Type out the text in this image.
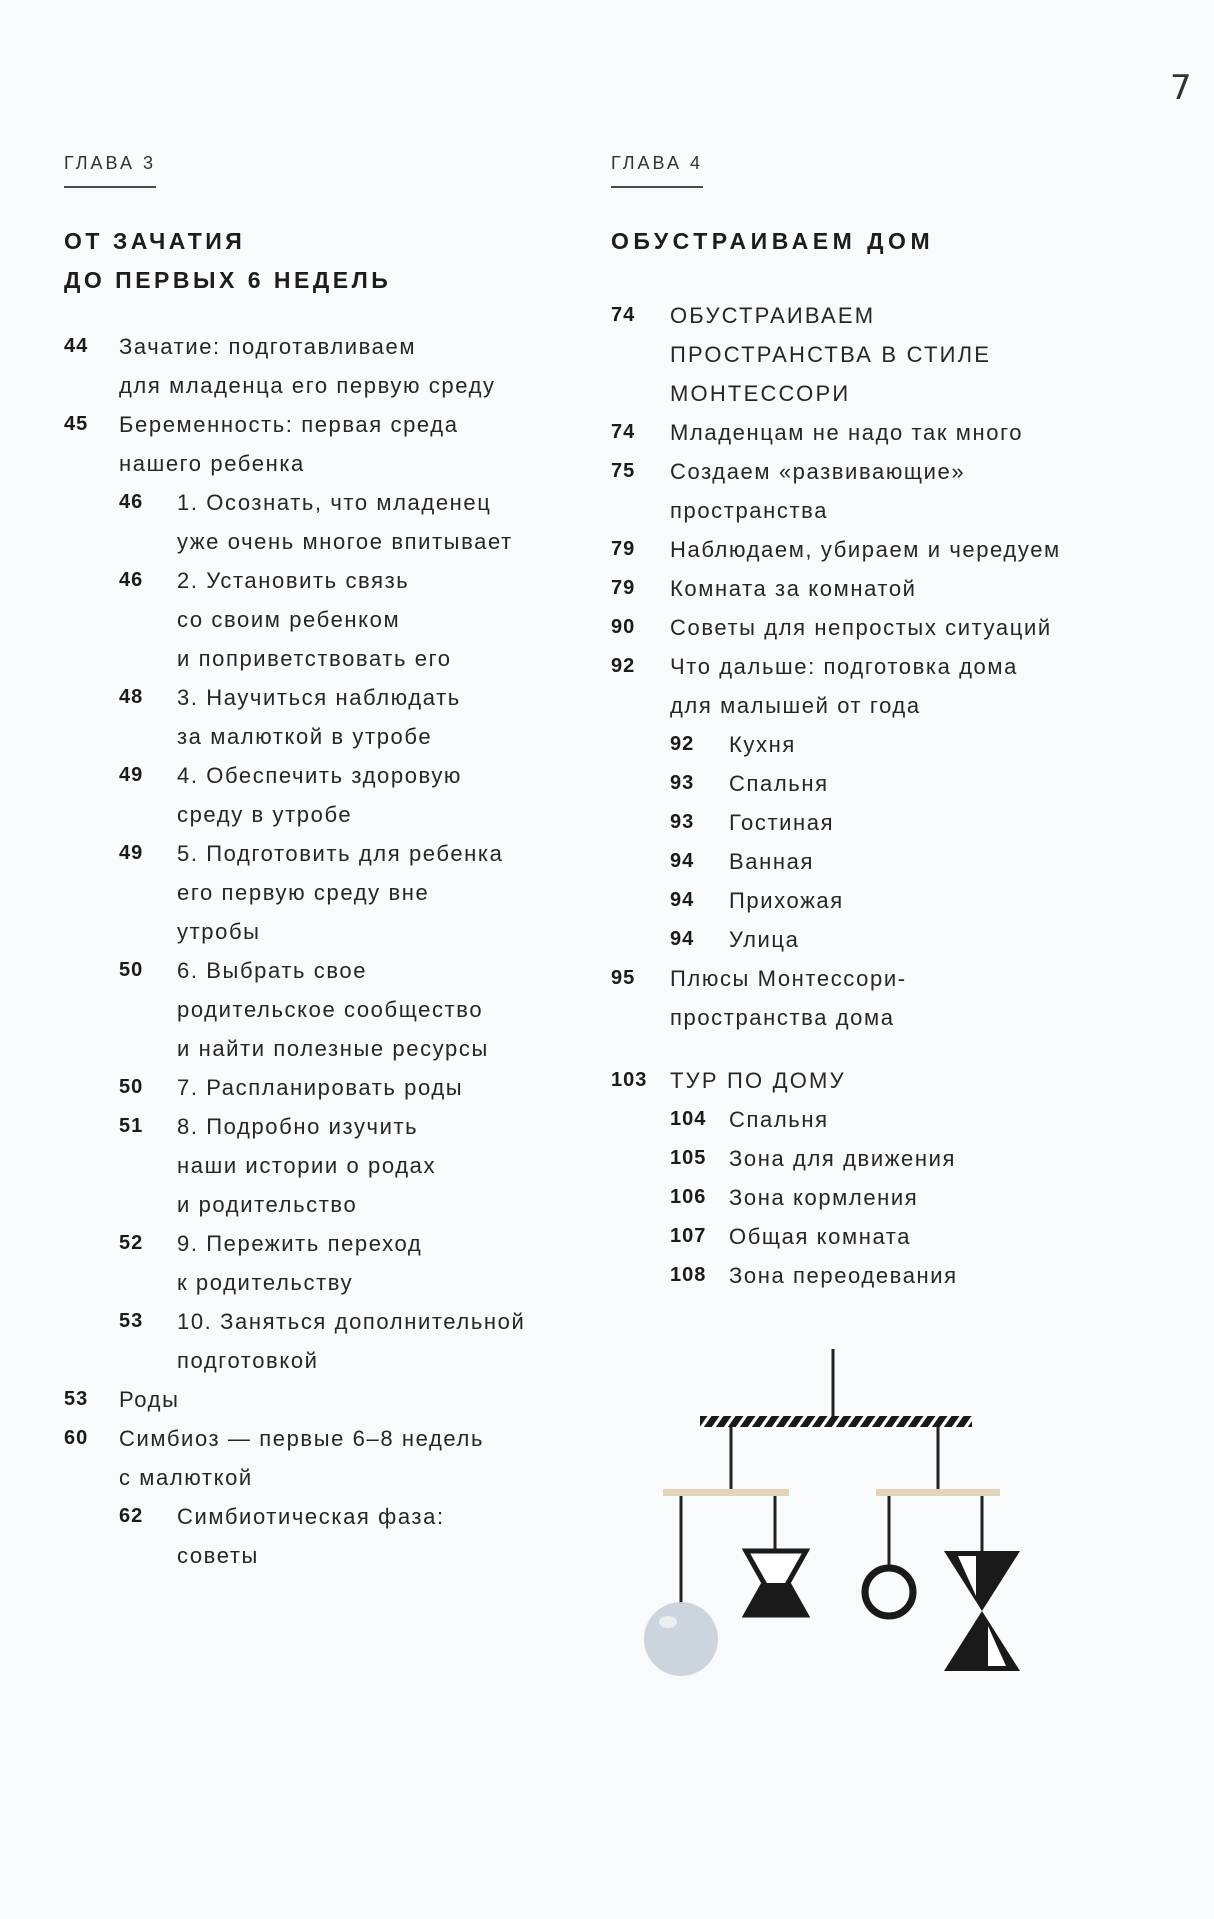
7
ГЛАВА 3
ОТ ЗАЧАТИЯ
ДО ПЕРВЫХ 6 НЕДЕЛЬ
44	Зачатие: подготавливаем
для младенца его первую среду
45	Беременность: первая среда
нашего ребенка
46	1. Осознать, что младенец
уже очень многое впитывает
46	2. Установить связь
со своим ребенком
и поприветствовать его
48	3. Научиться наблюдать
за малюткой в утробе
49	4. Обеспечить здоровую
среду в утробе
49	5. Подготовить для ребенка
его первую среду вне
утробы
50	6. Выбрать свое
родительское сообщество
и найти полезные ресурсы
50	7. Распланировать роды
51	8. Подробно изучить
наши истории о родах
и родительство
52	9. Пережить переход
к родительству
53	10. Заняться дополнительной
подготовкой
53	Роды
60	Симбиоз — первые 6–8 недель
с малюткой
62	Симбиотическая фаза:
советы
ГЛАВА 4
ОБУСТРАИВАЕМ ДОМ
74	ОБУСТРАИВАЕМ
ПРОСТРАНСТВА В СТИЛЕ
МОНТЕССОРИ
74	Младенцам не надо так много
75	Создаем «развивающие»
пространства
79	Наблюдаем, убираем и чередуем
79	Комната за комнатой
90	Советы для непростых ситуаций
92	Что дальше: подготовка дома
для малышей от года
92	Кухня
93	Спальня
93	Гостиная
94	Ванная
94	Прихожая
94	Улица
95	Плюсы Монтессори-
пространства дома
103	ТУР ПО ДОМУ
104	Спальня
105	Зона для движения
106	Зона кормления
107	Общая комната
108	Зона переодевания
